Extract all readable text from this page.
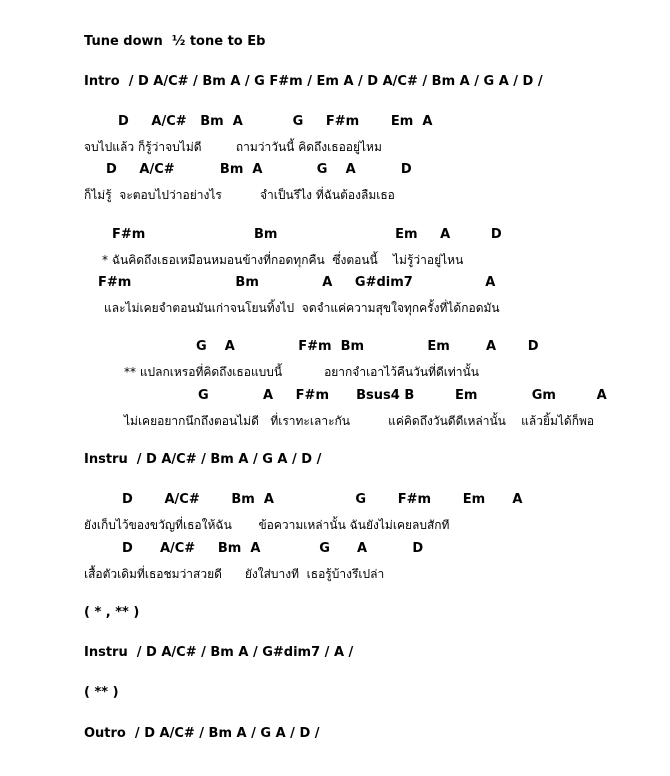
Tune down  ½ tone to Eb
Intro  / D A/C# / Bm A / G F#m / Em A / D A/C# / Bm A / G A / D /
D     A/C#   Bm  A           G     F#m       Em  A
จบไปแล้ว ก็รู้ว่าจบไม่ดี         ถามว่าวันนี้ คิดถึงเธออยู่ไหม
D     A/C#          Bm  A            G    A          D
ก็ไม่รู้  จะตอบไปว่าอย่างไร          จำเป็นรึไง ที่ฉันต้องลืมเธอ
F#m                        Bm                          Em     A         D
* ฉันคิดถึงเธอเหมือนหมอนข้างที่กอดทุกคืน  ซึ่งตอนนี้    ไม่รู้ว่าอยู่ไหน
F#m                       Bm              A     G#dim7                A
และไม่เคยจำตอนมันเก่าจนโยนทิ้งไป  จดจำแค่ความสุขใจทุกครั้งที่ได้กอดมัน
G    A              F#m  Bm              Em        A       D
** แปลกเหรอที่คิดถึงเธอแบบนี้           อยากจำเอาไว้คืนวันที่ดีเท่านั้น
G            A     F#m      Bsus4 B         Em            Gm         A
ไม่เคยอยากนึกถึงตอนไม่ดี   ที่เราทะเลาะกัน          แค่คิดถึงวันดีดีเหล่านั้น    แล้วยิ้มได้ก็พอ
Instru  / D A/C# / Bm A / G A / D /
D       A/C#       Bm  A                  G       F#m       Em      A
ยังเก็บไว้ของขวัญที่เธอให้ฉัน       ข้อความเหล่านั้น ฉันยังไม่เคยลบสักที
D      A/C#     Bm  A             G      A          D
เสื้อตัวเดิมที่เธอชมว่าสวยดี      ยังใส่บางที  เธอรู้บ้างรึเปล่า
( * , ** )
Instru  / D A/C# / Bm A / G#dim7 / A /
( ** )
Outro  / D A/C# / Bm A / G A / D /
